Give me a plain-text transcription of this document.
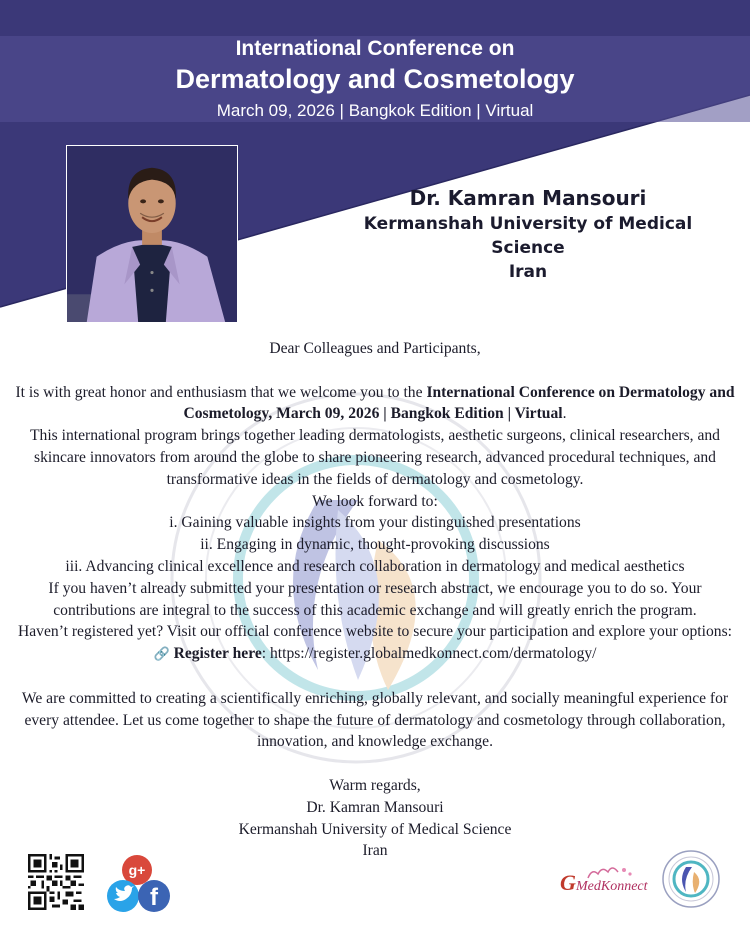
International Conference on
Dermatology and Cosmetology
March 09, 2026 | Bangkok Edition | Virtual
Dr. Kamran Mansouri
Kermanshah University of Medical
Science
Iran

Dear Colleagues and Participants,

It is with great honor and enthusiasm that we welcome you to the International Conference on Dermatology and Cosmetology, March 09, 2026 | Bangkok Edition | Virtual.

This international program brings together leading dermatologists, aesthetic surgeons, clinical researchers, and skincare innovators from around the globe to share pioneering research, advanced procedural techniques, and transformative ideas in the fields of dermatology and cosmetology.

We look forward to:

i. Gaining valuable insights from your distinguished presentations

ii. Engaging in dynamic, thought-provoking discussions

iii. Advancing clinical excellence and research collaboration in dermatology and medical aesthetics

If you haven’t already submitted your presentation or research abstract, we encourage you to do so. Your contributions are integral to the success of this academic exchange and will greatly enrich the program.

Haven’t registered yet? Visit our official conference website to secure your participation and explore your options:

🔗 Register here: https://register.globalmedkonnect.com/dermatology/

We are committed to creating a scientifically enriching, globally relevant, and socially meaningful experience for every attendee. Let us come together to shape the future of dermatology and cosmetology through collaboration, innovation, and knowledge exchange.

Warm regards,

Dr. Kamran Mansouri

Kermanshah University of Medical Science

Iran

g+
f
G MedKonnect
